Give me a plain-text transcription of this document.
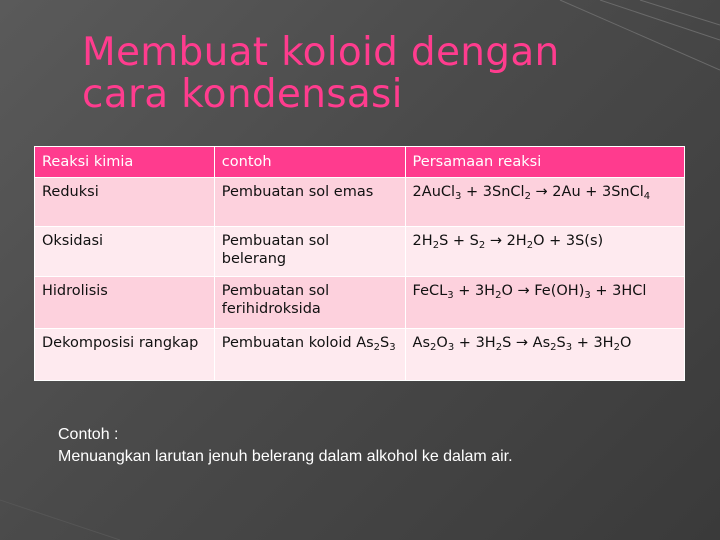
Membuat koloid dengan
cara kondensasi
Reaksi kimia	contoh	Persamaan reaksi
Reduksi	Pembuatan sol emas	2AuCl$_3$ + 3SnCl$_2$ → 2Au + 3SnCl$_4$
Oksidasi	Pembuatan sol belerang	$2H_2S + S_2 \to 2H_2O + 3S(s)$
Hidrolisis	Pembuatan sol ferihidroksida	FeCL$_3$ + $3H_2O \to Fe(OH)_3 + 3HCl$
Dekomposisi rangkap	Pembuatan koloid $As_2S_3$	$As_2O_3 + 3H_2S \to As_2S_3 + 3H_2O$
Contoh :
Menuangkan larutan jenuh belerang dalam alkohol ke dalam air.
